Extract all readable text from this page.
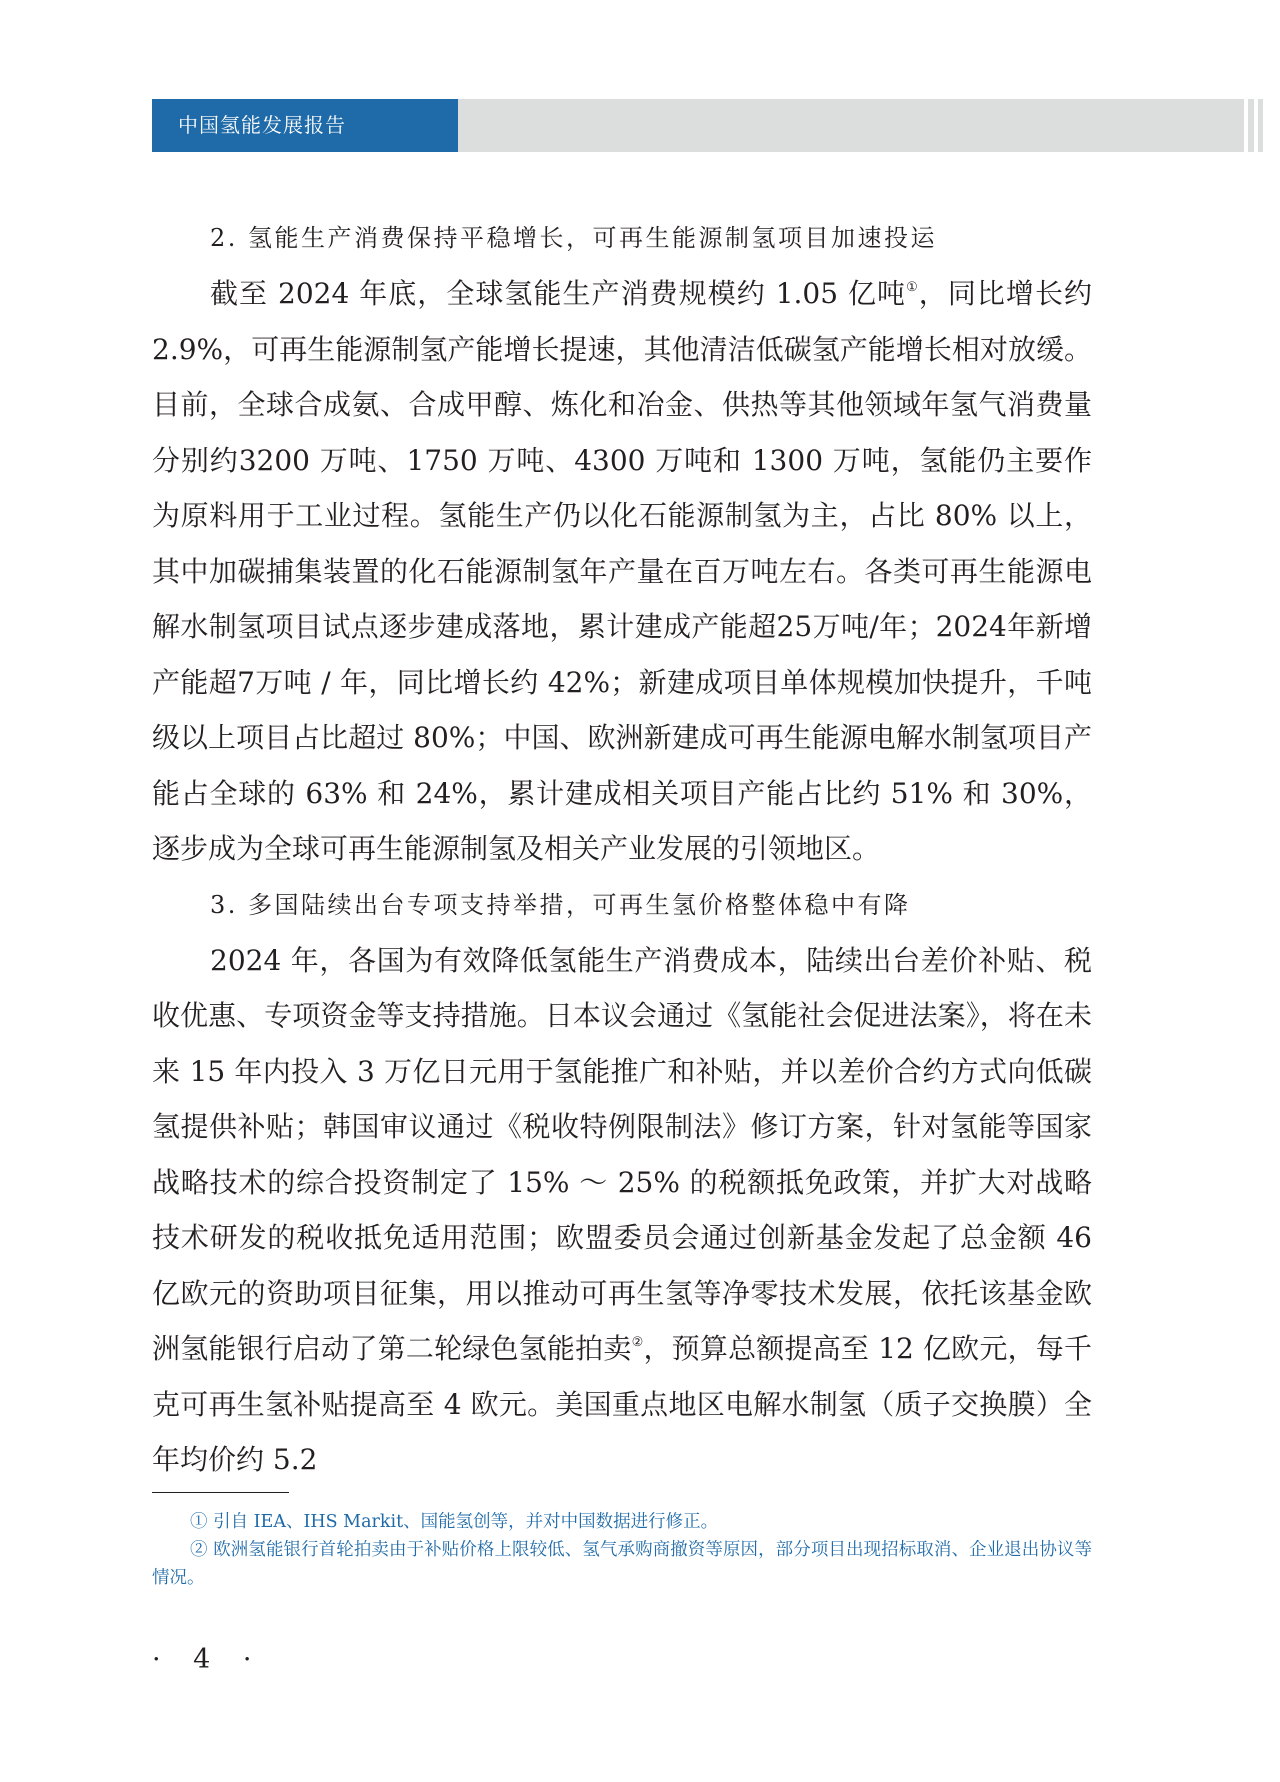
中国氢能发展报告

2. 氢能生产消费保持平稳增长，可再生能源制氢项目加速投运

截至 2024 年底，全球氢能生产消费规模约 1.05 亿吨①，同比增长约 2.9%，可再生能源制氢产能增长提速，其他清洁低碳氢产能增长相对放缓。目前，全球合成氨、合成甲醇、炼化和冶金、供热等其他领域年氢气消费量分别约3200 万吨、1750 万吨、4300 万吨和 1300 万吨，氢能仍主要作为原料用于工业过程。氢能生产仍以化石能源制氢为主，占比 80% 以上，其中加碳捕集装置的化石能源制氢年产量在百万吨左右。各类可再生能源电解水制氢项目试点逐步建成落地，累计建成产能超25万吨/年；2024年新增产能超7万吨 / 年，同比增长约 42%；新建成项目单体规模加快提升，千吨级以上项目占比超过 80%；中国、欧洲新建成可再生能源电解水制氢项目产能占全球的 63% 和 24%，累计建成相关项目产能占比约 51% 和 30%，逐步成为全球可再生能源制氢及相关产业发展的引领地区。

3. 多国陆续出台专项支持举措，可再生氢价格整体稳中有降

2024 年，各国为有效降低氢能生产消费成本，陆续出台差价补贴、税收优惠、专项资金等支持措施。日本议会通过《氢能社会促进法案》，将在未来 15 年内投入 3 万亿日元用于氢能推广和补贴，并以差价合约方式向低碳氢提供补贴；韩国审议通过《税收特例限制法》修订方案，针对氢能等国家战略技术的综合投资制定了 15% ～ 25% 的税额抵免政策，并扩大对战略技术研发的税收抵免适用范围；欧盟委员会通过创新基金发起了总金额 46 亿欧元的资助项目征集，用以推动可再生氢等净零技术发展，依托该基金欧洲氢能银行启动了第二轮绿色氢能拍卖②，预算总额提高至 12 亿欧元，每千克可再生氢补贴提高至 4 欧元。美国重点地区电解水制氢（质子交换膜）全年均价约 5.2

① 引自 IEA、IHS Markit、国能氢创等，并对中国数据进行修正。

② 欧洲氢能银行首轮拍卖由于补贴价格上限较低、氢气承购商撤资等原因，部分项目出现招标取消、企业退出协议等情况。

· 4 ·
